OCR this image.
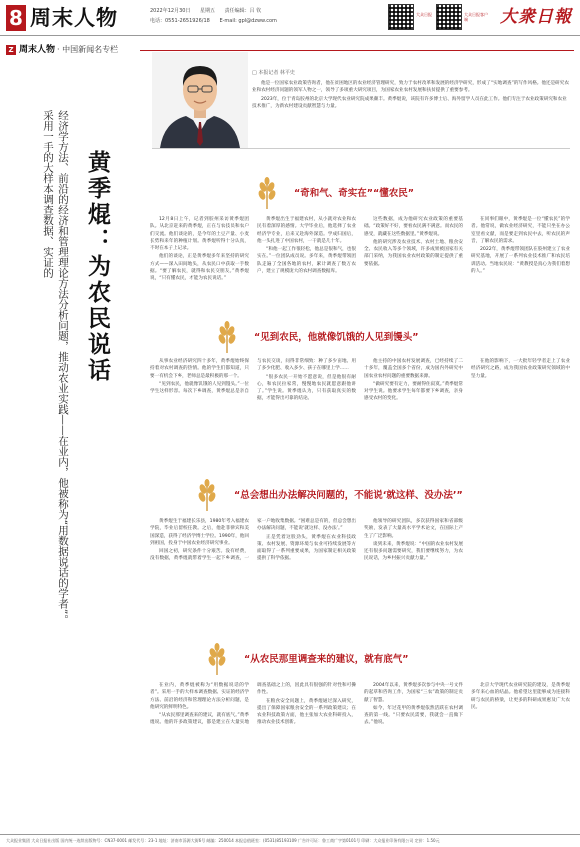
8 周末人物	2022年12月30日 星期五 责任编辑：吕 钦
电话：0551-2651926/18 E-mail: gpl@dzww.com
大众日报	大众日报客户端	大衆日報
Z 周末人物 · 中国新闻名专栏
经济学方法、前沿的经济和管理理论方法分析问题，推动农业实践——在业内，他被称为“用数据说话的学者”。采用一手的大样本调查数据、实证的	黄季焜：为农民说话
□ 本报记者 林平史

他是一位国家农业政策咨询者，他在贫困地区的农业经济管理研究，致力于农村改革和发展的经济学研究，形成了“实地调查”的写作风格。他还是研究农业和农村经济问题的领军人物之一，领导了多项重大研究项目，为国家农业农村发展和扶贫提供了重要参考。

2023年，位于青岛胶州的北京大学现代农业研究院成果颇丰。黄季焜说，该院有许多博士后、海外留学人员在此工作。他们专注于农业政策研究和农业技术推广，为新农村建设贡献智慧与力量。

“奇和气、奇实在”“懂农民”

12月8日上午，记者到胶州采访黄季焜团队。从北京赶来的黄季焜，正在与农技员和农户们交流。他们谈论的，是今年的土豆产量、小麦长势和来年的种植计划。黄季焜听得十分认真，不时在本子上记录。

他们的谈论，正是黄季焜多年来坚持的研究方式——深入田间地头，从农民口中获取一手数据。“要了解农民，就得和农民交朋友。”黄季焜说，“只有懂农民，才能为农民说话。”

黄季焜出生于福建农村，从小就对农业和农民有着深厚的感情。大学毕业后，他选择了农业经济学专业，后来又赴海外深造。学成归国后，他一头扎进了中国农村，一干就是几十年。

“和他一起工作很轻松，他总是很和气，也很实在。”一位团队成员说。多年来，黄季焜带领团队走遍了全国各地的农村，累计调查了数万农户，建立了规模庞大的农村调查数据库。

这些数据，成为他研究农业政策的重要基础。“政策好不好，要看农民满不满意。而农民的感受，就藏在这些数据里。”黄季焜说。

他的研究涉及农业技术、农村土地、粮食安全、农民收入等多个领域，许多成果被国家有关部门采纳，为我国农业农村政策的制定提供了重要依据。

在同事们眼中，黄季焜是一位“懂农民”的学者。他常说，做农业经济研究，不能只坐在办公室里看文献，而是要走到农民中去，听农民的声音，了解农民的需求。

2022年，黄季焜带领团队在胶州建立了农业研究基地，开展了一系列农业技术推广和农民培训活动。当地农民说：“黄教授是真心为我们着想的人。”

“见到农民，他就像饥饿的人见到馒头”

从事农业经济研究四十多年，黄季焜始终保持着对农村调查的热情。他的学生们都知道，只要一有机会下乡，老师总是最积极的那一个。

“见到农民，他就像饥饿的人见到馒头。”一位学生这样形容。每次下乡调查，黄季焜总是亲自与农民交谈，问得非常细致：种了多少亩地、用了多少化肥、收入多少、孩子在哪里上学……

“很多农民一开始不愿意说，但是他很有耐心，和农民拉家常，慢慢地农民就愿意跟他讲了。”学生说。黄季焜认为，只有获取真实的数据，才能得出可靠的结论。

他主持的中国农村发展调查，已经持续了二十多年，覆盖全国多个省份，成为国内外研究中国农业农村问题的重要数据来源。

“做研究要有定力，要耐得住寂寞。”黄季焜常对学生说。他要求学生每年都要下乡调查，亲身感受农村的变化。

在他的影响下，一大批年轻学者走上了农业经济研究之路，成为我国农业政策研究领域的中坚力量。

“总会想出办法解决问题的，不能说‘就这样、没办法’”

黄季焜生于福建长乐县，1980年考入福建农学院，毕业后留校任教。之后，他赴菲律宾和美国深造，获得了经济学博士学位。1990年，他回到祖国，投身于中国农业经济研究事业。

回国之初，研究条件十分艰苦。没有经费，没有数据，黄季焜就带着学生一起下乡调查，一家一户地收集数据。“困难总是有的，但总会想出办法解决问题，不能说‘就这样、没办法’。”

正是凭着这股劲头，黄季焜在农业科技政策、农村发展、资源环境与农业可持续发展等方面取得了一系列重要成果，为国家制定相关政策提供了科学依据。

他领导的研究团队，多次获得国家和省部级奖励，发表了大量高水平学术论文，在国际上产生了广泛影响。

谈到未来，黄季焜说：“中国的农业农村发展还有很多问题需要研究，我们要继续努力，为农民说话，为乡村振兴贡献力量。”

“从农民那里调查来的建议，就有底气”

在业内，黄季焜被称为“用数据说话的学者”。采用一手的大样本调查数据、实证的经济学方法、前沿的经济和管理理论方法分析问题，是他研究的鲜明特色。

“从农民那里调查来的建议，就有底气。”黄季焜说。他的许多政策建议，都是建立在大量实地调查基础之上的，因此具有很强的针对性和可操作性。

在粮食安全问题上，黄季焜通过深入研究，提出了保障国家粮食安全的一系列政策建议；在农业科技政策方面，他主张加大农业科研投入，推动农业技术创新。

2004年以来，黄季焜多次参与中央一号文件的起草和咨询工作，为国家“三农”政策的制定贡献了智慧。

如今，年过花甲的黄季焜依然活跃在农村调查的第一线。“只要农民需要，我就会一直做下去。”他说。

北京大学现代农业研究院的建设，是黄季焜多年来心血的结晶。他希望这里能够成为连接科研与农民的桥梁，让更多的科研成果惠及广大农民。

大众报业集团 大众日报社出版 国内统一连续出版物号：CN37-0001 邮发代号：23-1 地址：济南市泺源大街6号 邮编：250014 本报总值班室：(0531)85193109 广告许可证：鲁工商广字第0101号 印刷：大众报业印务有限公司 定价：1.50元
